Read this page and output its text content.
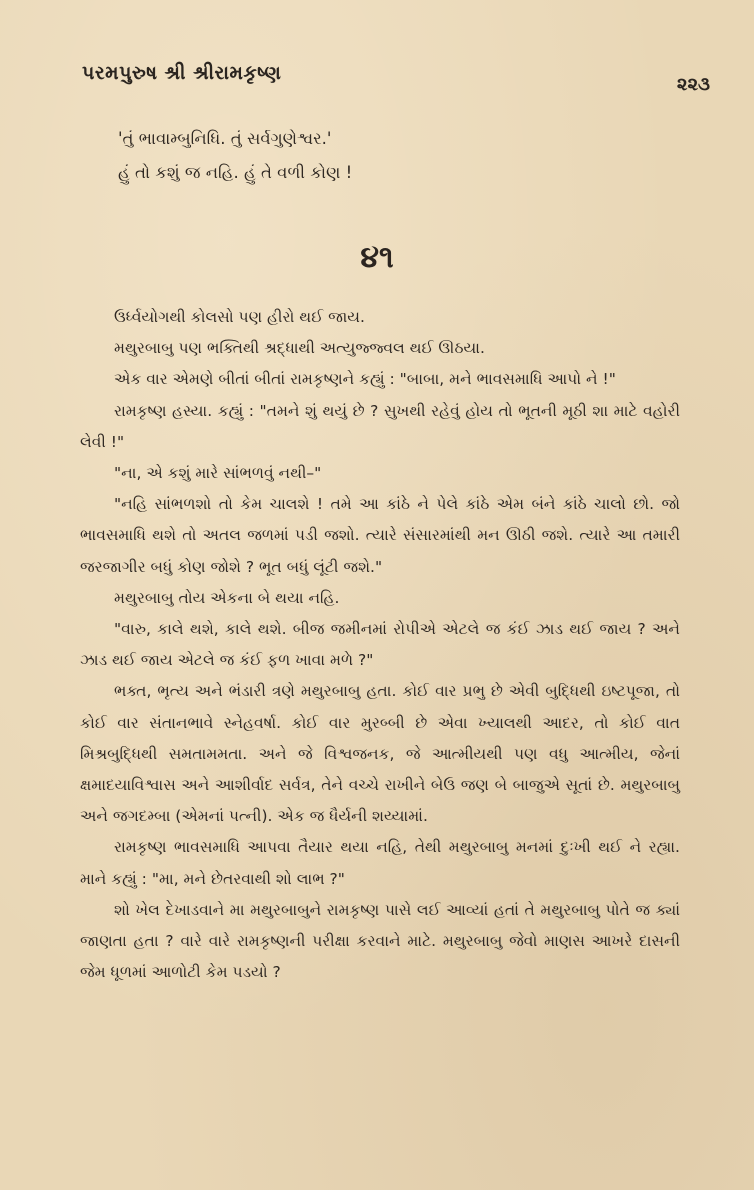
પરમપુરુષ શ્રી શ્રીરામકૃષ્ણ
૨૨૩
'તું ભાવામ્બુનિધિ. તું સર્વગુણેશ્વર.'
હું તો કશું જ નહિ. હું તે વળી કોણ !
૪૧

ઉર્ધ્વયોગથી કોલસો પણ હીરો થઈ જાય.

મથુરબાબુ પણ ભક્તિથી શ્રદ્ધાથી અત્યુજ્જ્વલ થઈ ઊઠયા.

એક વાર એમણે બીતાં બીતાં રામકૃષ્ણને કહ્યું : "બાબા, મને ભાવસમાધિ આપો ને !"

રામકૃષ્ણ હસ્યા. કહ્યું : "તમને શું થયું છે ? સુખથી રહેવું હોય તો ભૂતની મૂઠી શા માટે વહોરી લેવી !"

"ના, એ કશું મારે સાંભળવું નથી–"

"નહિ સાંભળશો તો કેમ ચાલશે ! તમે આ કાંઠે ને પેલે કાંઠે એમ બંને કાંઠે ચાલો છો. જો ભાવસમાધિ થશે તો અતલ જળમાં પડી જશો. ત્યારે સંસારમાંથી મન ઊઠી જશે. ત્યારે આ તમારી જરજાગીર બધું કોણ જોશે ? ભૂત બધું લૂંટી જશે."

મથુરબાબુ તોય એકના બે થયા નહિ.

"વારુ, કાલે થશે, કાલે થશે. બીજ જમીનમાં રોપીએ એટલે જ કંઈ ઝાડ થઈ જાય ? અને ઝાડ થઈ જાય એટલે જ કંઈ ફળ ખાવા મળે ?"

ભક્ત, ભૃત્ય અને ભંડારી ત્રણે મથુરબાબુ હતા. કોઈ વાર પ્રભુ છે એવી બુદ્ધિથી ઇષ્ટપૂજા, તો કોઈ વાર સંતાનભાવે સ્નેહવર્ષા. કોઈ વાર મુરબ્બી છે એવા ખ્યાલથી આદર, તો કોઈ વાત મિશ્રબુદ્ધિથી સમતામમતા. અને જે વિશ્વજનક, જે આત્મીયથી પણ વધુ આત્મીય, જેનાં ક્ષમાદયાવિશ્વાસ અને આશીર્વાદ સર્વત્ર, તેને વચ્ચે રાખીને બેઉ જણ બે બાજુએ સૂતાં છે. મથુરબાબુ અને જગદમ્બા (એમનાં પત્ની). એક જ ધૈર્યની શય્યામાં.

રામકૃષ્ણ ભાવસમાધિ આપવા તૈયાર થયા નહિ, તેથી મથુરબાબુ મનમાં દુઃખી થઈ ને રહ્યા. માને કહ્યું : "મા, મને છેતરવાથી શો લાભ ?"

શો ખેલ દેખાડવાને મા મથુરબાબુને રામકૃષ્ણ પાસે લઈ આવ્યાં હતાં તે મથુરબાબુ પોતે જ ક્યાં જાણતા હતા ? વારે વારે રામકૃષ્ણની પરીક્ષા કરવાને માટે. મથુરબાબુ જેવો માણસ આખરે દાસની જેમ ધૂળમાં આળોટી કેમ પડયો ?
